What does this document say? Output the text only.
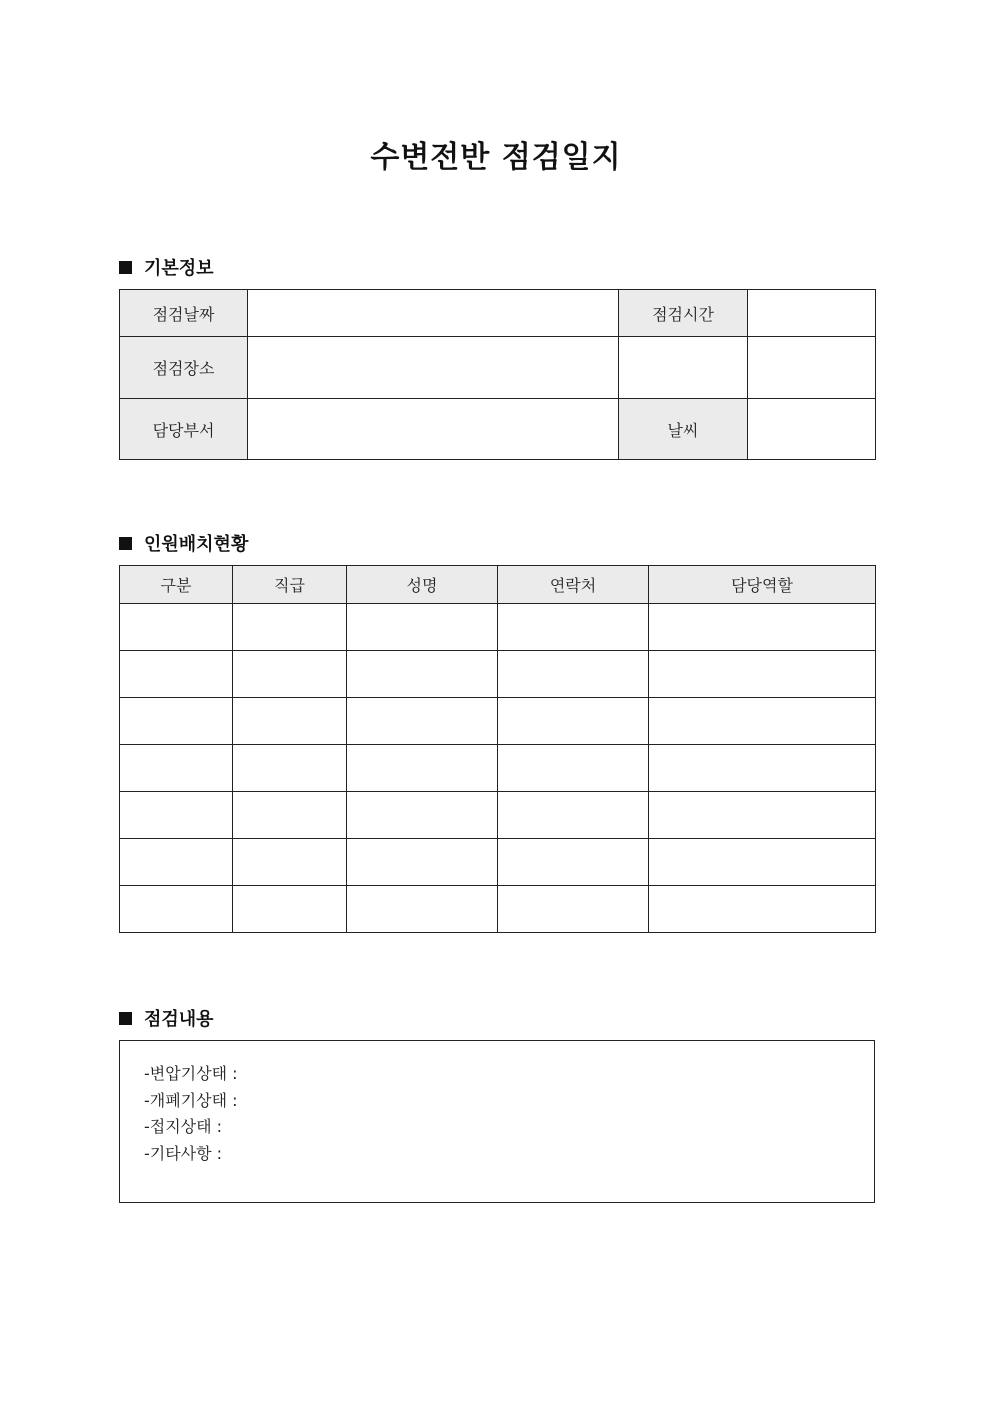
수변전반 점검일지
기본정보
점검날짜		점검시간	
점검장소			
담당부서		날씨	
인원배치현황
구분	직급	성명	연락처	담당역할

점검내용
-변압기상태 :
-개폐기상태 :
-접지상태 :
-기타사항 :
